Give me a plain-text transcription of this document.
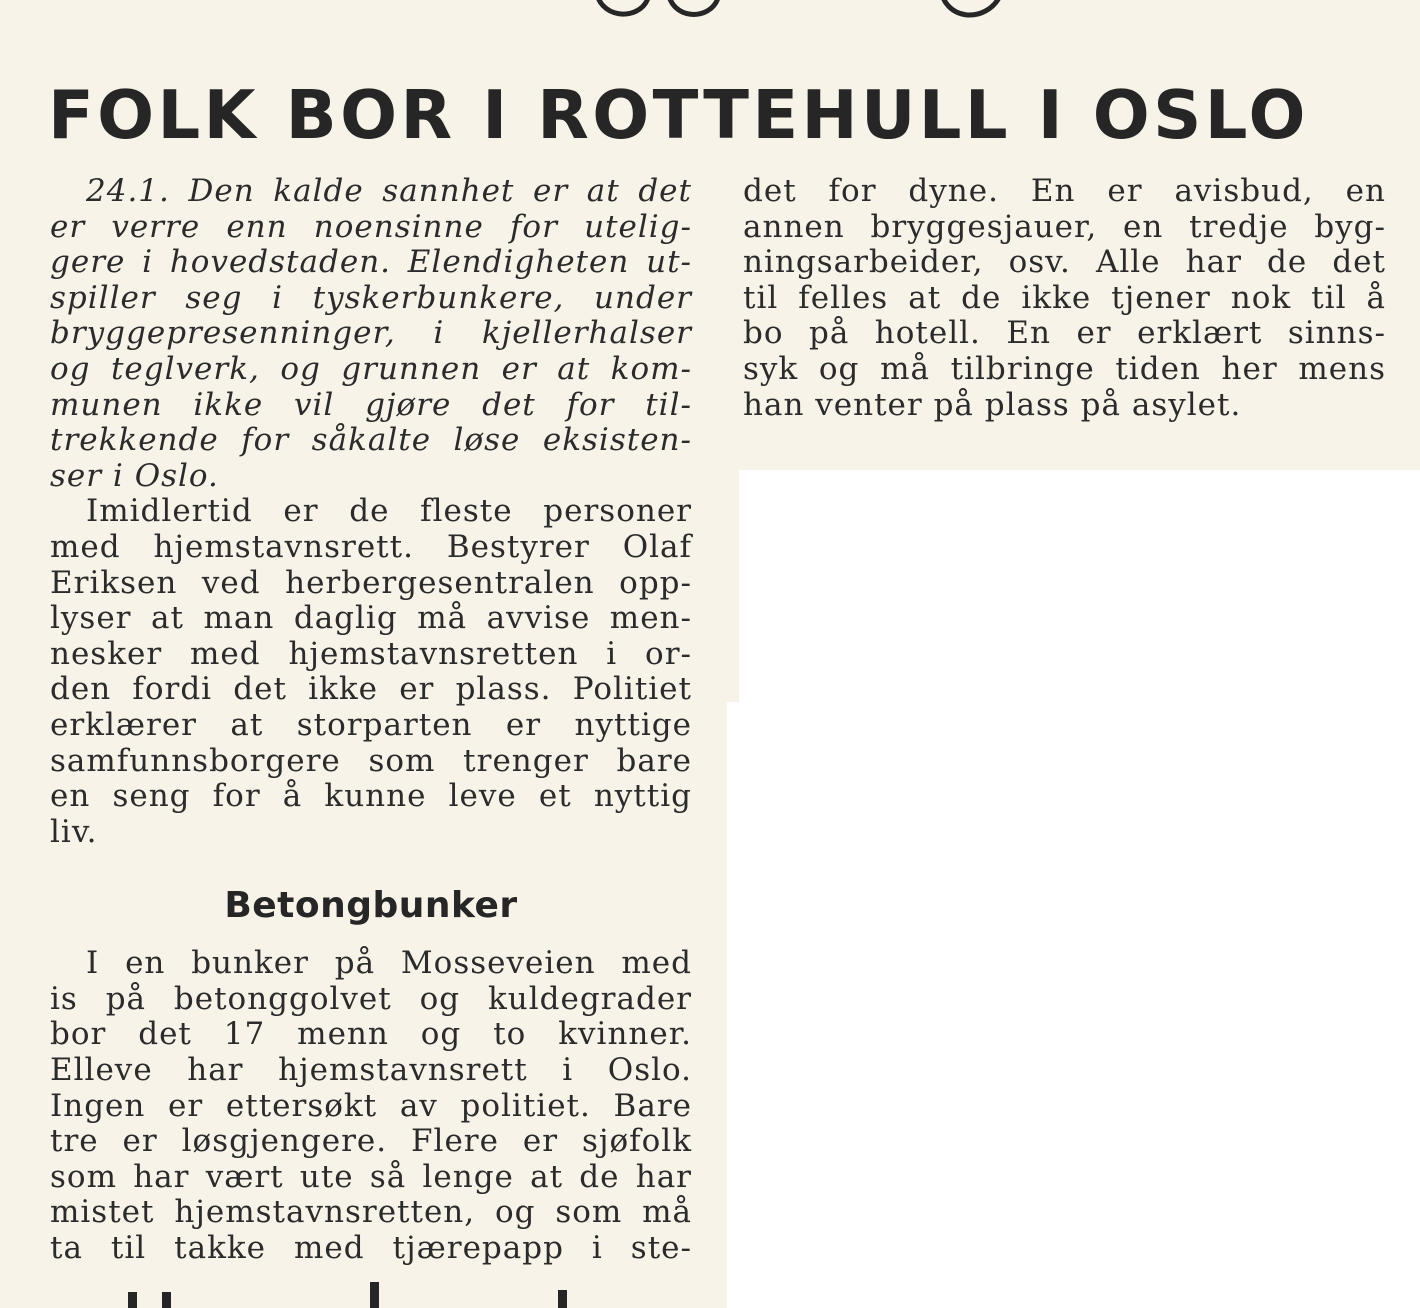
FOLK BOR I ROTTEHULL I OSLO

24.1. Den kalde sannhet er at det
er verre enn noensinne for utelig-
gere i hovedstaden. Elendigheten ut-
spiller seg i tyskerbunkere, under
bryggepresenninger, i kjellerhalser
og teglverk, og grunnen er at kom-
munen ikke vil gjøre det for til-
trekkende for såkalte løse eksisten-
ser i Oslo.

Imidlertid er de fleste personer
med hjemstavnsrett. Bestyrer Olaf
Eriksen ved herbergesentralen opp-
lyser at man daglig må avvise men-
nesker med hjemstavnsretten i or-
den fordi det ikke er plass. Politiet
erklærer at storparten er nyttige
samfunnsborgere som trenger bare
en seng for å kunne leve et nyttig
liv.

Betongbunker

I en bunker på Mosseveien med
is på betonggolvet og kuldegrader
bor det 17 menn og to kvinner.
Elleve har hjemstavnsrett i Oslo.
Ingen er ettersøkt av politiet. Bare
tre er løsgjengere. Flere er sjøfolk
som har vært ute så lenge at de har
mistet hjemstavnsretten, og som må
ta til takke med tjærepapp i ste-

det for dyne. En er avisbud, en
annen bryggesjauer, en tredje byg-
ningsarbeider, osv. Alle har de det
til felles at de ikke tjener nok til å
bo på hotell. En er erklært sinns-
syk og må tilbringe tiden her mens
han venter på plass på asylet.
